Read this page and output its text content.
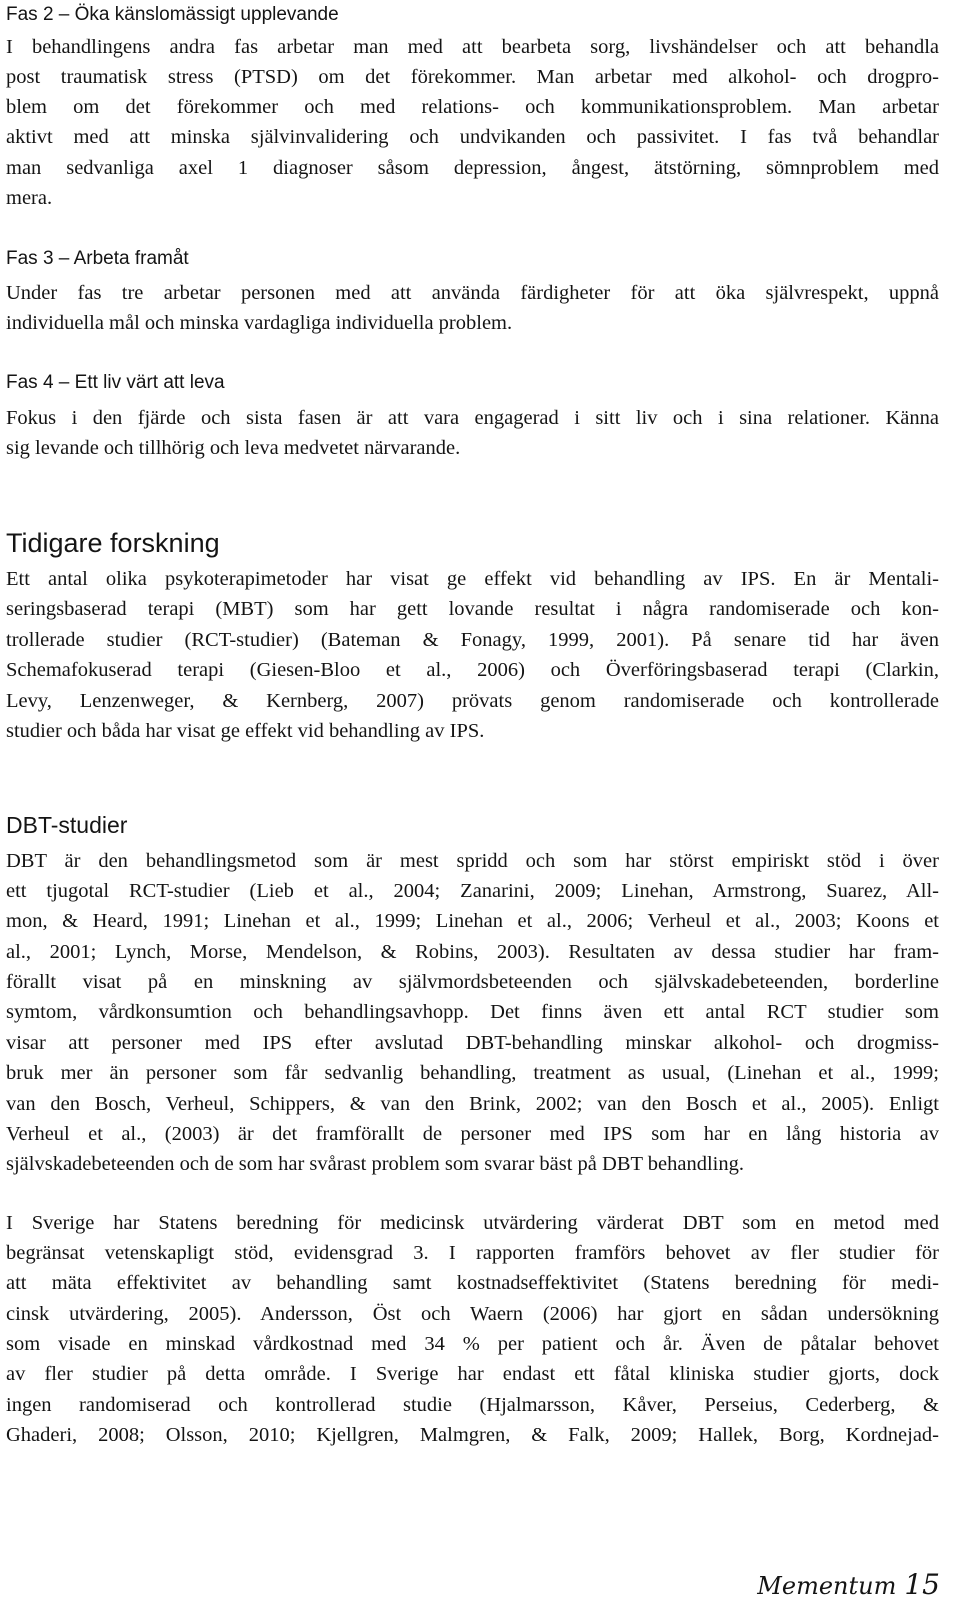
Fas 2 – Öka känslomässigt upplevande
I behandlingens andra fas arbetar man med att bearbeta sorg, livshändelser och att behandla
post traumatisk stress (PTSD) om det förekommer. Man arbetar med alkohol- och drogpro-
blem om det förekommer och med relations- och kommunikationsproblem. Man arbetar
aktivt med att minska självinvalidering och undvikanden och passivitet. I fas två behandlar
man sedvanliga axel 1 diagnoser såsom depression, ångest, ätstörning, sömnproblem med
mera.
Fas 3 – Arbeta framåt
Under fas tre arbetar personen med att använda färdigheter för att öka självrespekt, uppnå
individuella mål och minska vardagliga individuella problem.
Fas 4 – Ett liv värt att leva
Fokus i den fjärde och sista fasen är att vara engagerad i sitt liv och i sina relationer. Känna
sig levande och tillhörig och leva medvetet närvarande.
Tidigare forskning
Ett antal olika psykoterapimetoder har visat ge effekt vid behandling av IPS. En är Mentali-
seringsbaserad terapi (MBT) som har gett lovande resultat i några randomiserade och kon-
trollerade studier (RCT-studier) (Bateman & Fonagy, 1999, 2001). På senare tid har även
Schemafokuserad terapi (Giesen-Bloo et al., 2006) och Överföringsbaserad terapi (Clarkin,
Levy, Lenzenweger, & Kernberg, 2007) prövats genom randomiserade och kontrollerade
studier och båda har visat ge effekt vid behandling av IPS.
DBT-studier
DBT är den behandlingsmetod som är mest spridd och som har störst empiriskt stöd i över
ett tjugotal RCT-studier (Lieb et al., 2004; Zanarini, 2009; Linehan, Armstrong, Suarez, All-
mon, & Heard, 1991; Linehan et al., 1999; Linehan et al., 2006; Verheul et al., 2003; Koons et
al., 2001; Lynch, Morse, Mendelson, & Robins, 2003). Resultaten av dessa studier har fram-
förallt visat på en minskning av självmordsbeteenden och självskadebeteenden, borderline
symtom, vårdkonsumtion och behandlingsavhopp. Det finns även ett antal RCT studier som
visar att personer med IPS efter avslutad DBT-behandling minskar alkohol- och drogmiss-
bruk mer än personer som får sedvanlig behandling, treatment as usual, (Linehan et al., 1999;
van den Bosch, Verheul, Schippers, & van den Brink, 2002; van den Bosch et al., 2005). Enligt
Verheul et al., (2003) är det framförallt de personer med IPS som har en lång historia av
självskadebeteenden och de som har svårast problem som svarar bäst på DBT behandling.
I Sverige har Statens beredning för medicinsk utvärdering värderat DBT som en metod med
begränsat vetenskapligt stöd, evidensgrad 3. I rapporten framförs behovet av fler studier för
att mäta effektivitet av behandling samt kostnadseffektivitet (Statens beredning för medi-
cinsk utvärdering, 2005). Andersson, Öst och Waern (2006) har gjort en sådan undersökning
som visade en minskad vårdkostnad med 34 % per patient och år. Även de påtalar behovet
av fler studier på detta område. I Sverige har endast ett fåtal kliniska studier gjorts, dock
ingen randomiserad och kontrollerad studie (Hjalmarsson, Kåver, Perseius, Cederberg, &
Ghaderi, 2008; Olsson, 2010; Kjellgren, Malmgren, & Falk, 2009; Hallek, Borg, Kordnejad-
Mementum 15
